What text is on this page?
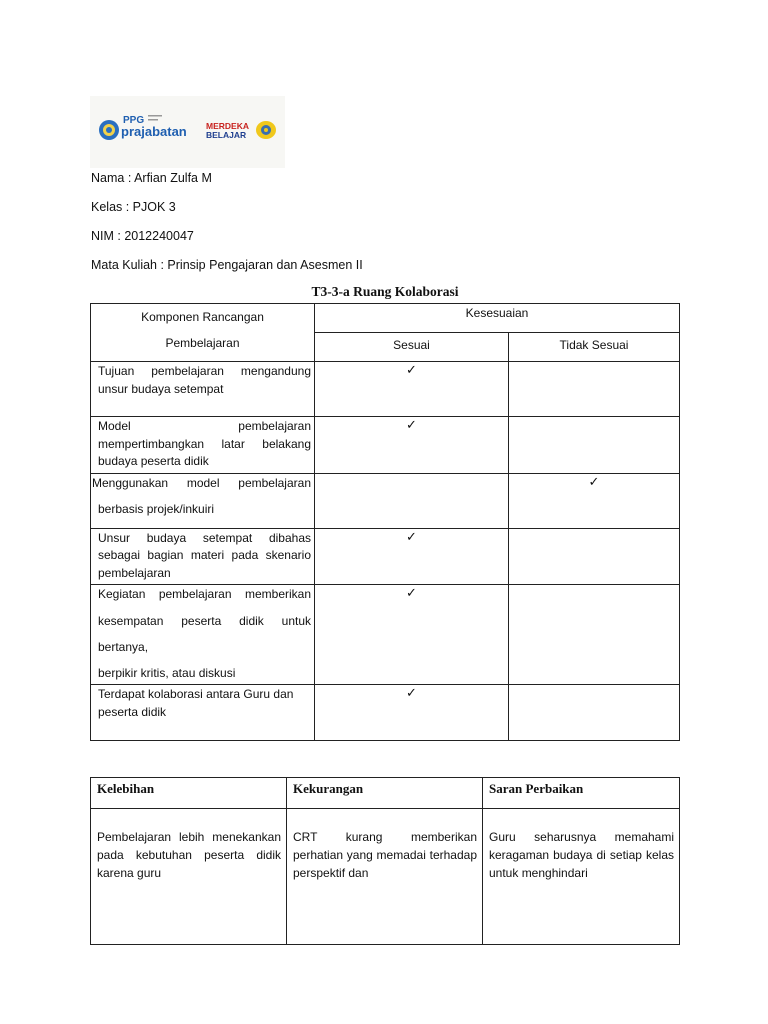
PPG
prajabatan MERDEKA
BELAJAR
Nama : Arfian Zulfa M
Kelas : PJOK 3
NIM : 2012240047
Mata Kuliah : Prinsip Pengajaran dan Asesmen II
T3-3-a Ruang Kolaborasi
Komponen Rancangan
Pembelajaran	Kesesuaian	
	Sesuai	Tidak Sesuai
Tujuan pembelajaran mengandung unsur budaya setempat	✓	
Model pembelajaran mempertimbangkan latar belakang budaya peserta didik	✓	

Menggunakan model pembelajaran
berbasis projek/inkuiri		✓
Unsur budaya setempat dibahas sebagai bagian materi pada skenario pembelajaran	✓	

Kegiatan pembelajaran memberikan
kesempatan peserta didik untuk
bertanya,
berpikir kritis, atau diskusi	✓	
Terdapat kolaborasi antara Guru dan peserta didik	✓	
Kelebihan	Kekurangan	Saran Perbaikan
Pembelajaran lebih menekankan pada kebutuhan peserta didik karena guru	CRT kurang memberikan perhatian yang memadai terhadap perspektif dan	Guru seharusnya memahami keragaman budaya di setiap kelas untuk menghindari
